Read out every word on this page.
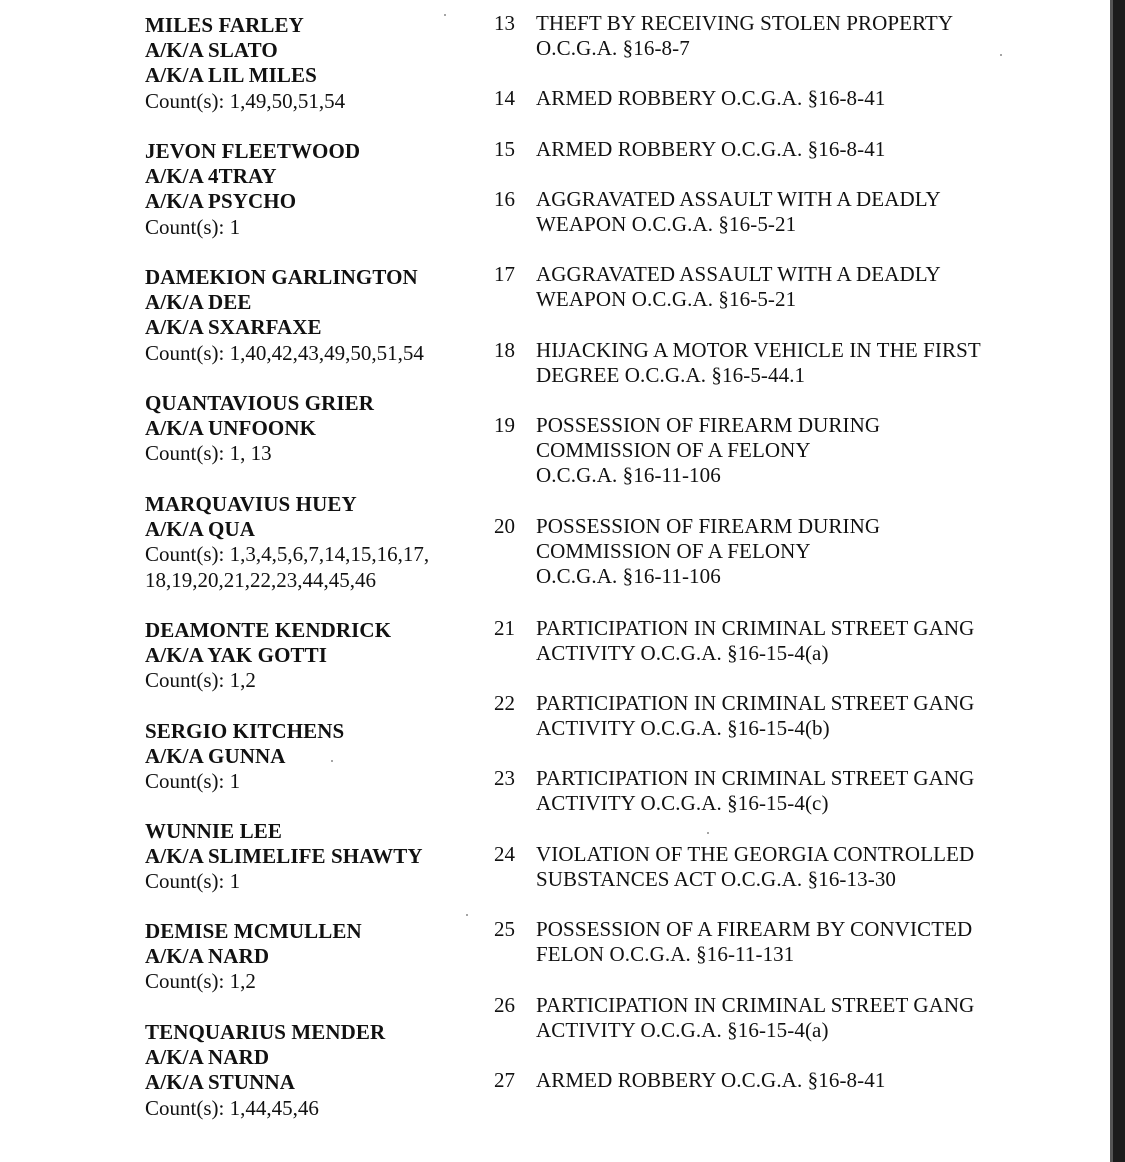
MILES FARLEY
A/K/A SLATO
A/K/A LIL MILES
Count(s): 1,49,50,51,54
JEVON FLEETWOOD
A/K/A 4TRAY
A/K/A PSYCHO
Count(s): 1
DAMEKION GARLINGTON
A/K/A DEE
A/K/A SXARFAXE
Count(s): 1,40,42,43,49,50,51,54
QUANTAVIOUS GRIER
A/K/A UNFOONK
Count(s): 1, 13
MARQUAVIUS HUEY
A/K/A QUA
Count(s): 1,3,4,5,6,7,14,15,16,17,
18,19,20,21,22,23,44,45,46
DEAMONTE KENDRICK
A/K/A YAK GOTTI
Count(s): 1,2
SERGIO KITCHENS
A/K/A GUNNA
Count(s): 1
WUNNIE LEE
A/K/A SLIMELIFE SHAWTY
Count(s): 1
DEMISE MCMULLEN
A/K/A NARD
Count(s): 1,2
TENQUARIUS MENDER
A/K/A NARD
A/K/A STUNNA
Count(s): 1,44,45,46
13 THEFT BY RECEIVING STOLEN PROPERTY
O.C.G.A. §16-8-7
14 ARMED ROBBERY O.C.G.A. §16-8-41
15 ARMED ROBBERY O.C.G.A. §16-8-41
16 AGGRAVATED ASSAULT WITH A DEADLY
WEAPON O.C.G.A. §16-5-21
17 AGGRAVATED ASSAULT WITH A DEADLY
WEAPON O.C.G.A. §16-5-21
18 HIJACKING A MOTOR VEHICLE IN THE FIRST
DEGREE O.C.G.A. §16-5-44.1
19 POSSESSION OF FIREARM DURING
COMMISSION OF A FELONY
O.C.G.A. §16-11-106
20 POSSESSION OF FIREARM DURING
COMMISSION OF A FELONY
O.C.G.A. §16-11-106
21 PARTICIPATION IN CRIMINAL STREET GANG
ACTIVITY O.C.G.A. §16-15-4(a)
22 PARTICIPATION IN CRIMINAL STREET GANG
ACTIVITY O.C.G.A. §16-15-4(b)
23 PARTICIPATION IN CRIMINAL STREET GANG
ACTIVITY O.C.G.A. §16-15-4(c)
24 VIOLATION OF THE GEORGIA CONTROLLED
SUBSTANCES ACT O.C.G.A. §16-13-30
25 POSSESSION OF A FIREARM BY CONVICTED
FELON O.C.G.A. §16-11-131
26 PARTICIPATION IN CRIMINAL STREET GANG
ACTIVITY O.C.G.A. §16-15-4(a)
27 ARMED ROBBERY O.C.G.A. §16-8-41
